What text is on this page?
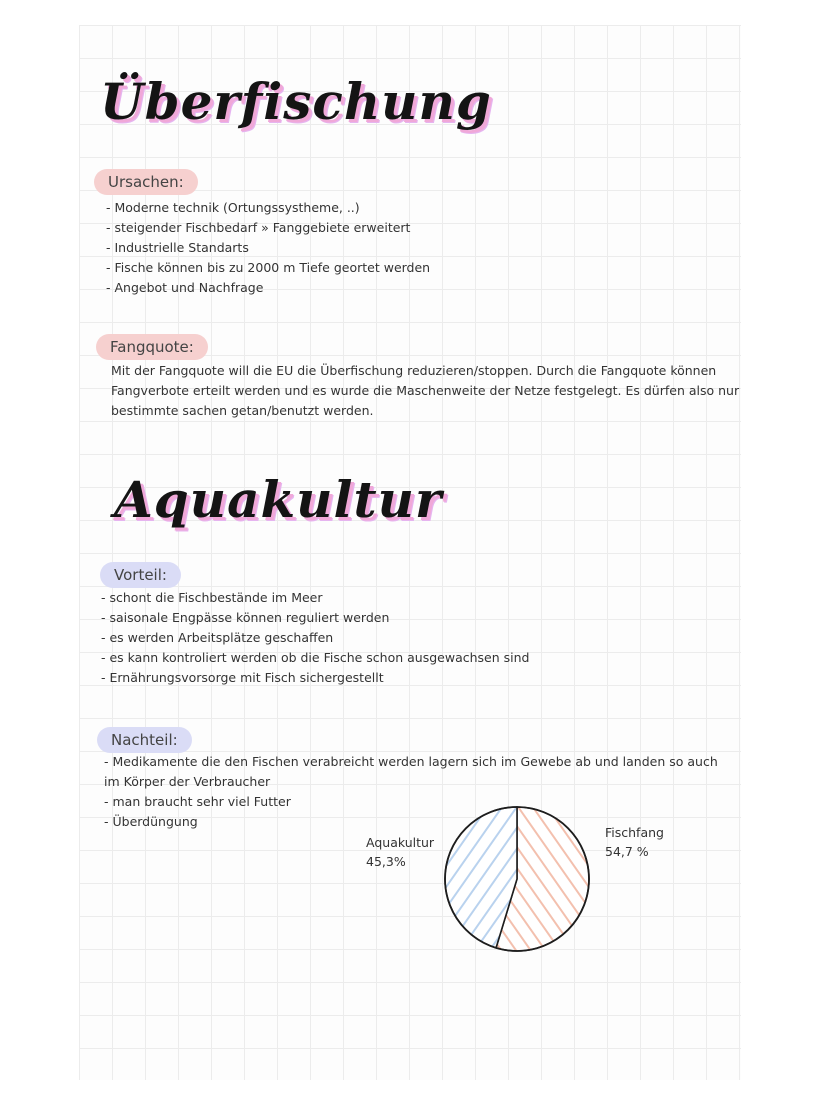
Überfischung
Ursachen:
- Moderne technik (Ortungssystheme, ..)
- steigender Fischbedarf » Fanggebiete erweitert
- Industrielle Standarts
- Fische können bis zu 2000 m Tiefe geortet werden
- Angebot und Nachfrage
Fangquote:
Mit der Fangquote will die EU die Überfischung reduzieren/stoppen. Durch die Fangquote können
Fangverbote erteilt werden und es wurde die Maschenweite der Netze festgelegt. Es dürfen also nur
bestimmte sachen getan/benutzt werden.
Aquakultur
Vorteil:
- schont die Fischbestände im Meer
- saisonale Engpässe können reguliert werden
- es werden Arbeitsplätze geschaffen
- es kann kontroliert werden ob die Fische schon ausgewachsen sind
- Ernährungsvorsorge mit Fisch sichergestellt
Nachteil:
- Medikamente die den Fischen verabreicht werden lagern sich im Gewebe ab und landen so auch
im Körper der Verbraucher
- man braucht sehr viel Futter
- Überdüngung
Aquakultur
45,3%
Fischfang
54,7 %
